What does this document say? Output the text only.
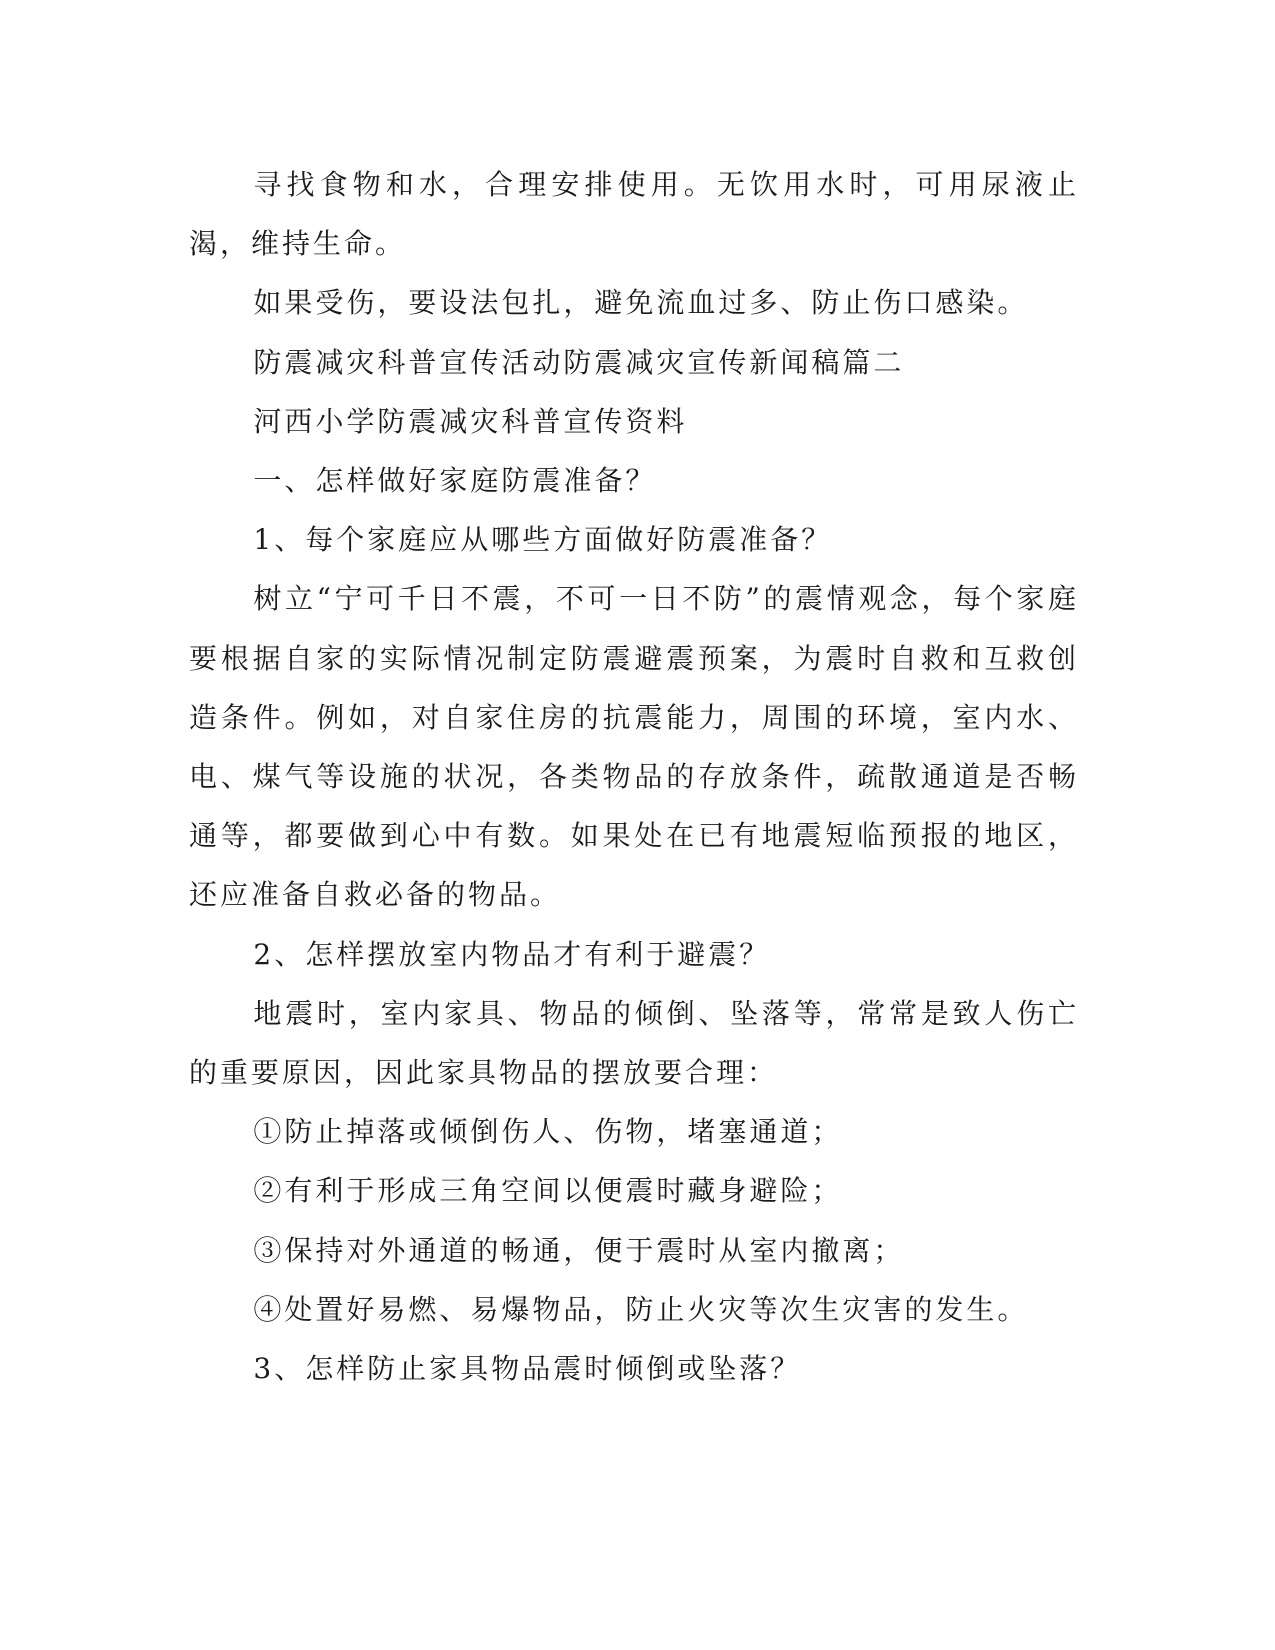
寻找食物和水，合理安排使用。无饮用水时，可用尿液止渴，维持生命。

如果受伤，要设法包扎，避免流血过多、防止伤口感染。

防震减灾科普宣传活动防震减灾宣传新闻稿篇二

河西小学防震减灾科普宣传资料

一、怎样做好家庭防震准备？

1、每个家庭应从哪些方面做好防震准备？

树立“宁可千日不震，不可一日不防”的震情观念，每个家庭要根据自家的实际情况制定防震避震预案，为震时自救和互救创造条件。例如，对自家住房的抗震能力，周围的环境，室内水、电、煤气等设施的状况，各类物品的存放条件，疏散通道是否畅通等，都要做到心中有数。如果处在已有地震短临预报的地区，还应准备自救必备的物品。

2、怎样摆放室内物品才有利于避震？

地震时，室内家具、物品的倾倒、坠落等，常常是致人伤亡的重要原因，因此家具物品的摆放要合理：

①防止掉落或倾倒伤人、伤物，堵塞通道；

②有利于形成三角空间以便震时藏身避险；

③保持对外通道的畅通，便于震时从室内撤离；

④处置好易燃、易爆物品，防止火灾等次生灾害的发生。

3、怎样防止家具物品震时倾倒或坠落？
